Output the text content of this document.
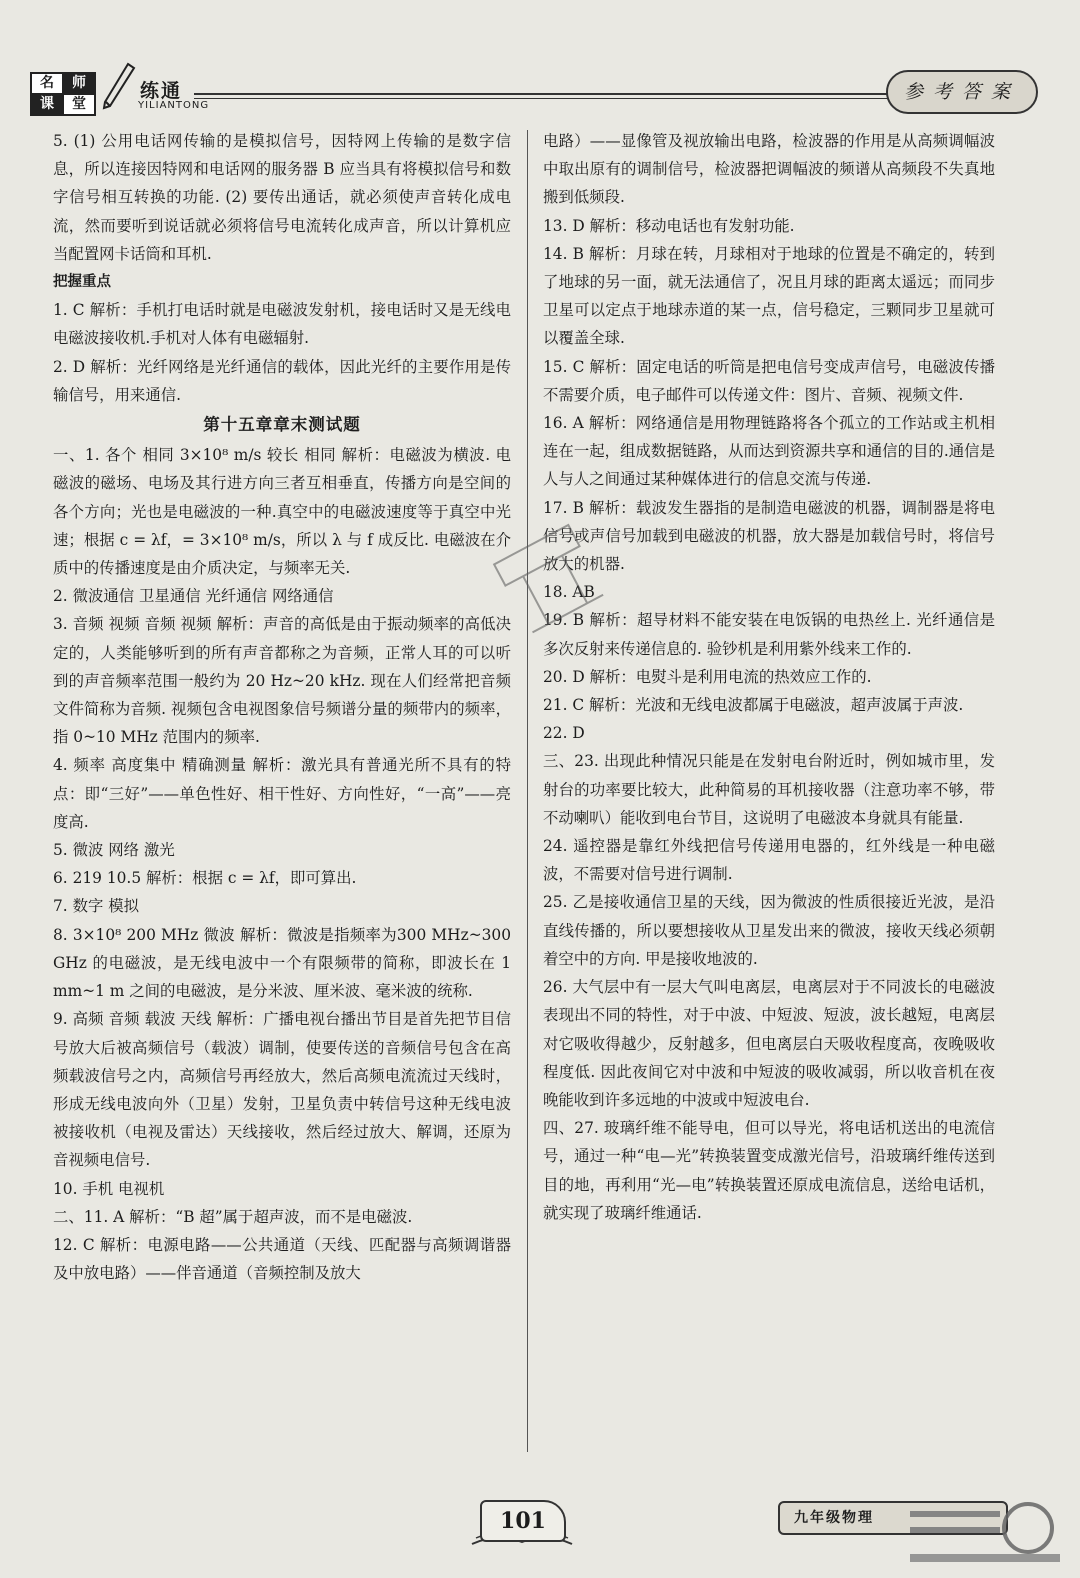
名	师
课	堂
练通
YILIANTONG
参考答案
5. (1) 公用电话网传输的是模拟信号，因特网上传输的是数字信息，所以连接因特网和电话网的服务器 B 应当具有将模拟信号和数字信号相互转换的功能. (2) 要传出通话，就必须使声音转化成电流，然而要听到说话就必须将信号电流转化成声音，所以计算机应当配置网卡话筒和耳机.
把握重点
1. C 解析：手机打电话时就是电磁波发射机，接电话时又是无线电电磁波接收机.手机对人体有电磁辐射.
2. D 解析：光纤网络是光纤通信的载体，因此光纤的主要作用是传输信号，用来通信.
第十五章章末测试题
一、1. 各个 相同 3×10⁸ m/s 较长 相同 解析：电磁波为横波. 电磁波的磁场、电场及其行进方向三者互相垂直，传播方向是空间的各个方向；光也是电磁波的一种.真空中的电磁波速度等于真空中光速；根据 c = λf，= 3×10⁸ m/s，所以 λ 与 f 成反比. 电磁波在介质中的传播速度是由介质决定，与频率无关.
2. 微波通信 卫星通信 光纤通信 网络通信
3. 音频 视频 音频 视频 解析：声音的高低是由于振动频率的高低决定的，人类能够听到的所有声音都称之为音频，正常人耳的可以听到的声音频率范围一般约为 20 Hz~20 kHz. 现在人们经常把音频文件简称为音频. 视频包含电视图象信号频谱分量的频带内的频率，指 0~10 MHz 范围内的频率.
4. 频率 高度集中 精确测量 解析：激光具有普通光所不具有的特点：即“三好”——单色性好、相干性好、方向性好，“一高”——亮度高.
5. 微波 网络 激光
6. 219 10.5 解析：根据 c = λf，即可算出.
7. 数字 模拟
8. 3×10⁸ 200 MHz 微波 解析：微波是指频率为300 MHz~300 GHz 的电磁波，是无线电波中一个有限频带的简称，即波长在 1 mm~1 m 之间的电磁波，是分米波、厘米波、毫米波的统称.
9. 高频 音频 载波 天线 解析：广播电视台播出节目是首先把节目信号放大后被高频信号（载波）调制，使要传送的音频信号包含在高频载波信号之内，高频信号再经放大，然后高频电流流过天线时，形成无线电波向外（卫星）发射，卫星负责中转信号这种无线电波被接收机（电视及雷达）天线接收，然后经过放大、解调，还原为音视频电信号.
10. 手机 电视机
二、11. A 解析：“B 超”属于超声波，而不是电磁波.
12. C 解析：电源电路——公共通道（天线、匹配器与高频调谐器及中放电路）——伴音通道（音频控制及放大
电路）——显像管及视放输出电路，检波器的作用是从高频调幅波中取出原有的调制信号，检波器把调幅波的频谱从高频段不失真地搬到低频段.
13. D 解析：移动电话也有发射功能.
14. B 解析：月球在转，月球相对于地球的位置是不确定的，转到了地球的另一面，就无法通信了，况且月球的距离太遥远；而同步卫星可以定点于地球赤道的某一点，信号稳定，三颗同步卫星就可以覆盖全球.
15. C 解析：固定电话的听筒是把电信号变成声信号，电磁波传播不需要介质，电子邮件可以传递文件：图片、音频、视频文件.
16. A 解析：网络通信是用物理链路将各个孤立的工作站或主机相连在一起，组成数据链路，从而达到资源共享和通信的目的.通信是人与人之间通过某种媒体进行的信息交流与传递.
17. B 解析：载波发生器指的是制造电磁波的机器，调制器是将电信号或声信号加载到电磁波的机器，放大器是加载信号时，将信号放大的机器.
18. AB
19. B 解析：超导材料不能安装在电饭锅的电热丝上. 光纤通信是多次反射来传递信息的. 验钞机是利用紫外线来工作的.
20. D 解析：电熨斗是利用电流的热效应工作的.
21. C 解析：光波和无线电波都属于电磁波，超声波属于声波.
22. D
三、23. 出现此种情况只能是在发射电台附近时，例如城市里，发射台的功率要比较大，此种简易的耳机接收器（注意功率不够，带不动喇叭）能收到电台节目，这说明了电磁波本身就具有能量.
24. 遥控器是靠红外线把信号传递用电器的，红外线是一种电磁波，不需要对信号进行调制.
25. 乙是接收通信卫星的天线，因为微波的性质很接近光波，是沿直线传播的，所以要想接收从卫星发出来的微波，接收天线必须朝着空中的方向. 甲是接收地波的.
26. 大气层中有一层大气叫电离层，电离层对于不同波长的电磁波表现出不同的特性，对于中波、中短波、短波，波长越短，电离层对它吸收得越少，反射越多，但电离层白天吸收程度高，夜晚吸收程度低. 因此夜间它对中波和中短波的吸收减弱，所以收音机在夜晚能收到许多远地的中波或中短波电台.
四、27. 玻璃纤维不能导电，但可以导光，将电话机送出的电流信号，通过一种“电—光”转换装置变成激光信号，沿玻璃纤维传送到目的地，再利用“光—电”转换装置还原成电流信息，送给电话机，就实现了玻璃纤维通话.
101	九年级物理
